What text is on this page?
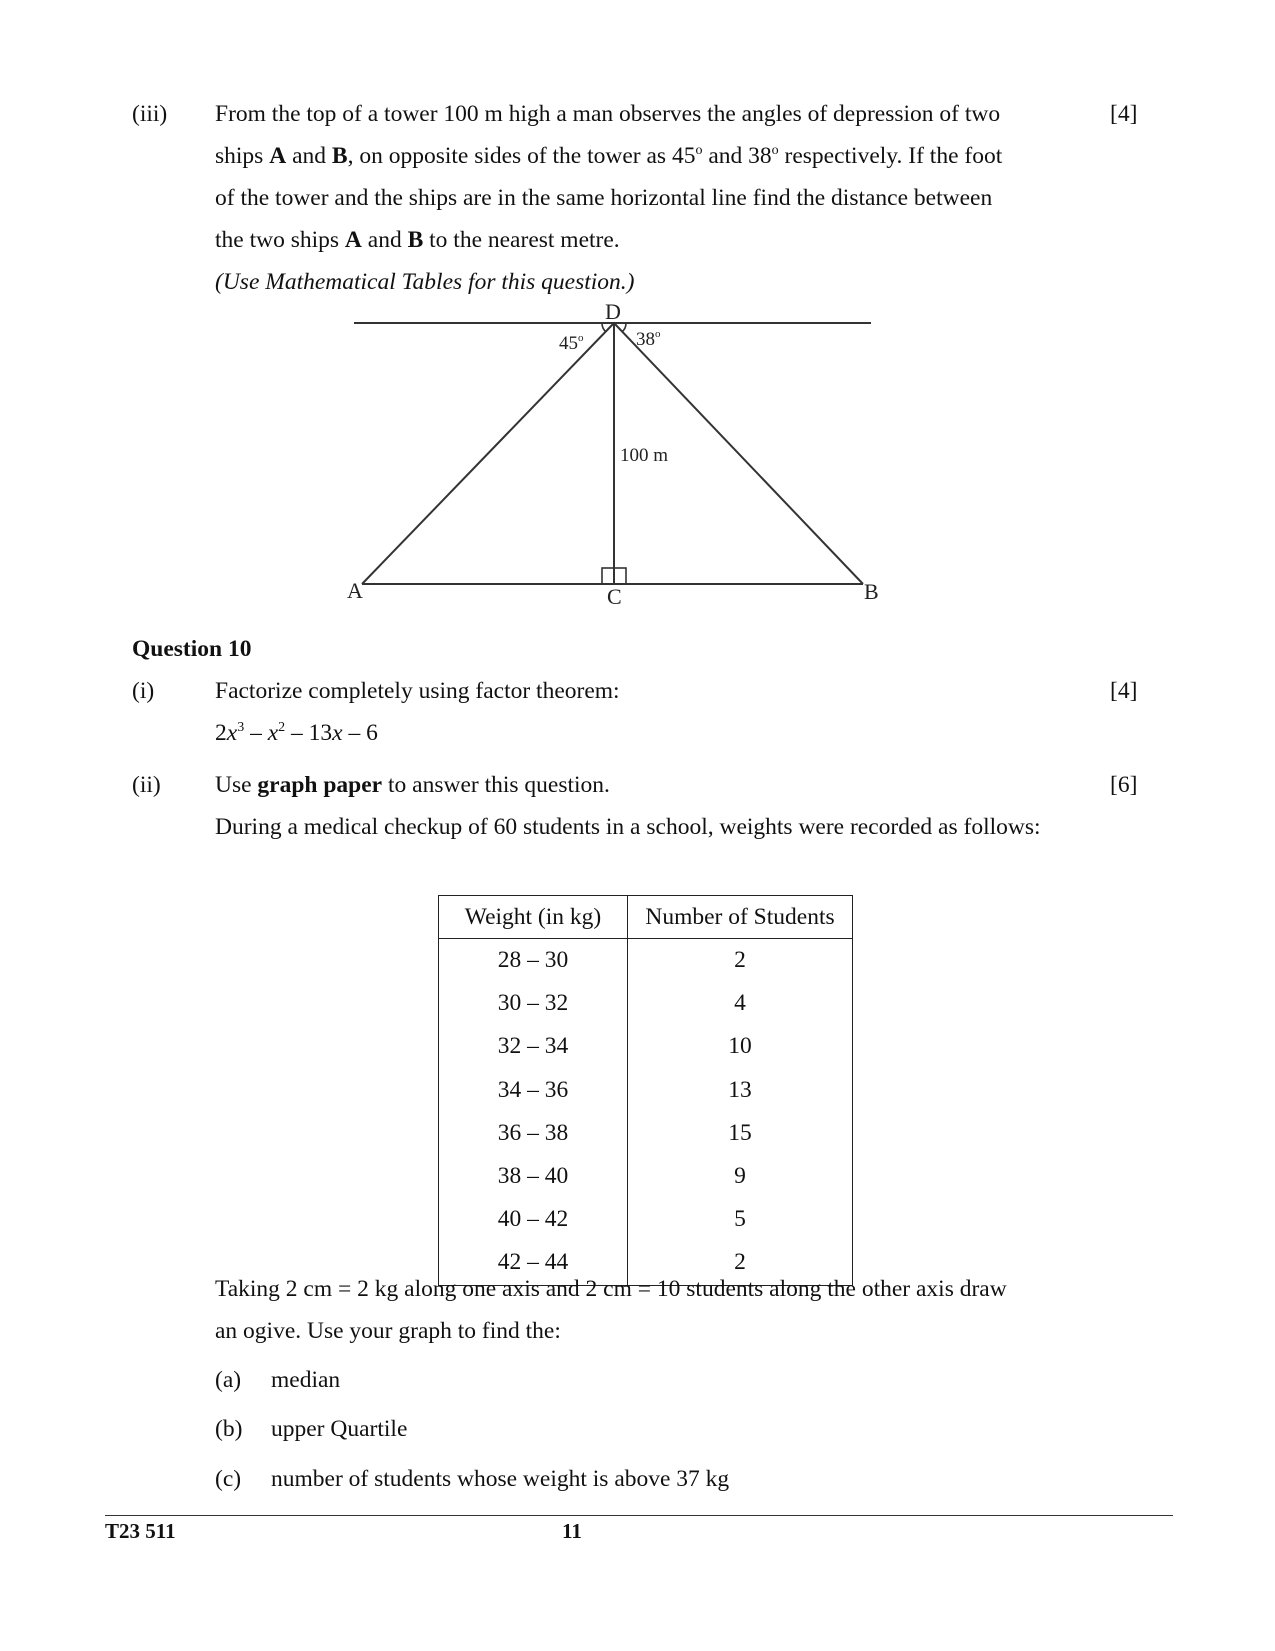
(iii)	[4]
From the top of a tower 100 m high a man observes the angles of depression of two
ships A and B, on opposite sides of the tower as 45$^o$ and 38$^o$ respectively. If the foot
of the tower and the ships are in the same horizontal line find the distance between
the two ships A and B to the nearest metre.
(Use Mathematical Tables for this question.)
D
A	B
C
45$^o$	38$^o$
100 m
Question 10
(i)	[4]
Factorize completely using factor theorem:
$2x^3 - x^2 - 13x - 6$
(ii)	[6]
Use graph paper to answer this question.
During a medical checkup of 60 students in a school, weights were recorded as follows:
Weight (in kg)	Number of Students
28 – 30	2
30 – 32	4
32 – 34	10
34 – 36	13
36 – 38	15
38 – 40	9
40 – 42	5
42 – 44	2
Taking 2 cm = 2 kg along one axis and 2 cm = 10 students along the other axis draw
an ogive. Use your graph to find the:
(a) median
(b) upper Quartile
(c) number of students whose weight is above 37 kg
T23 511	11
